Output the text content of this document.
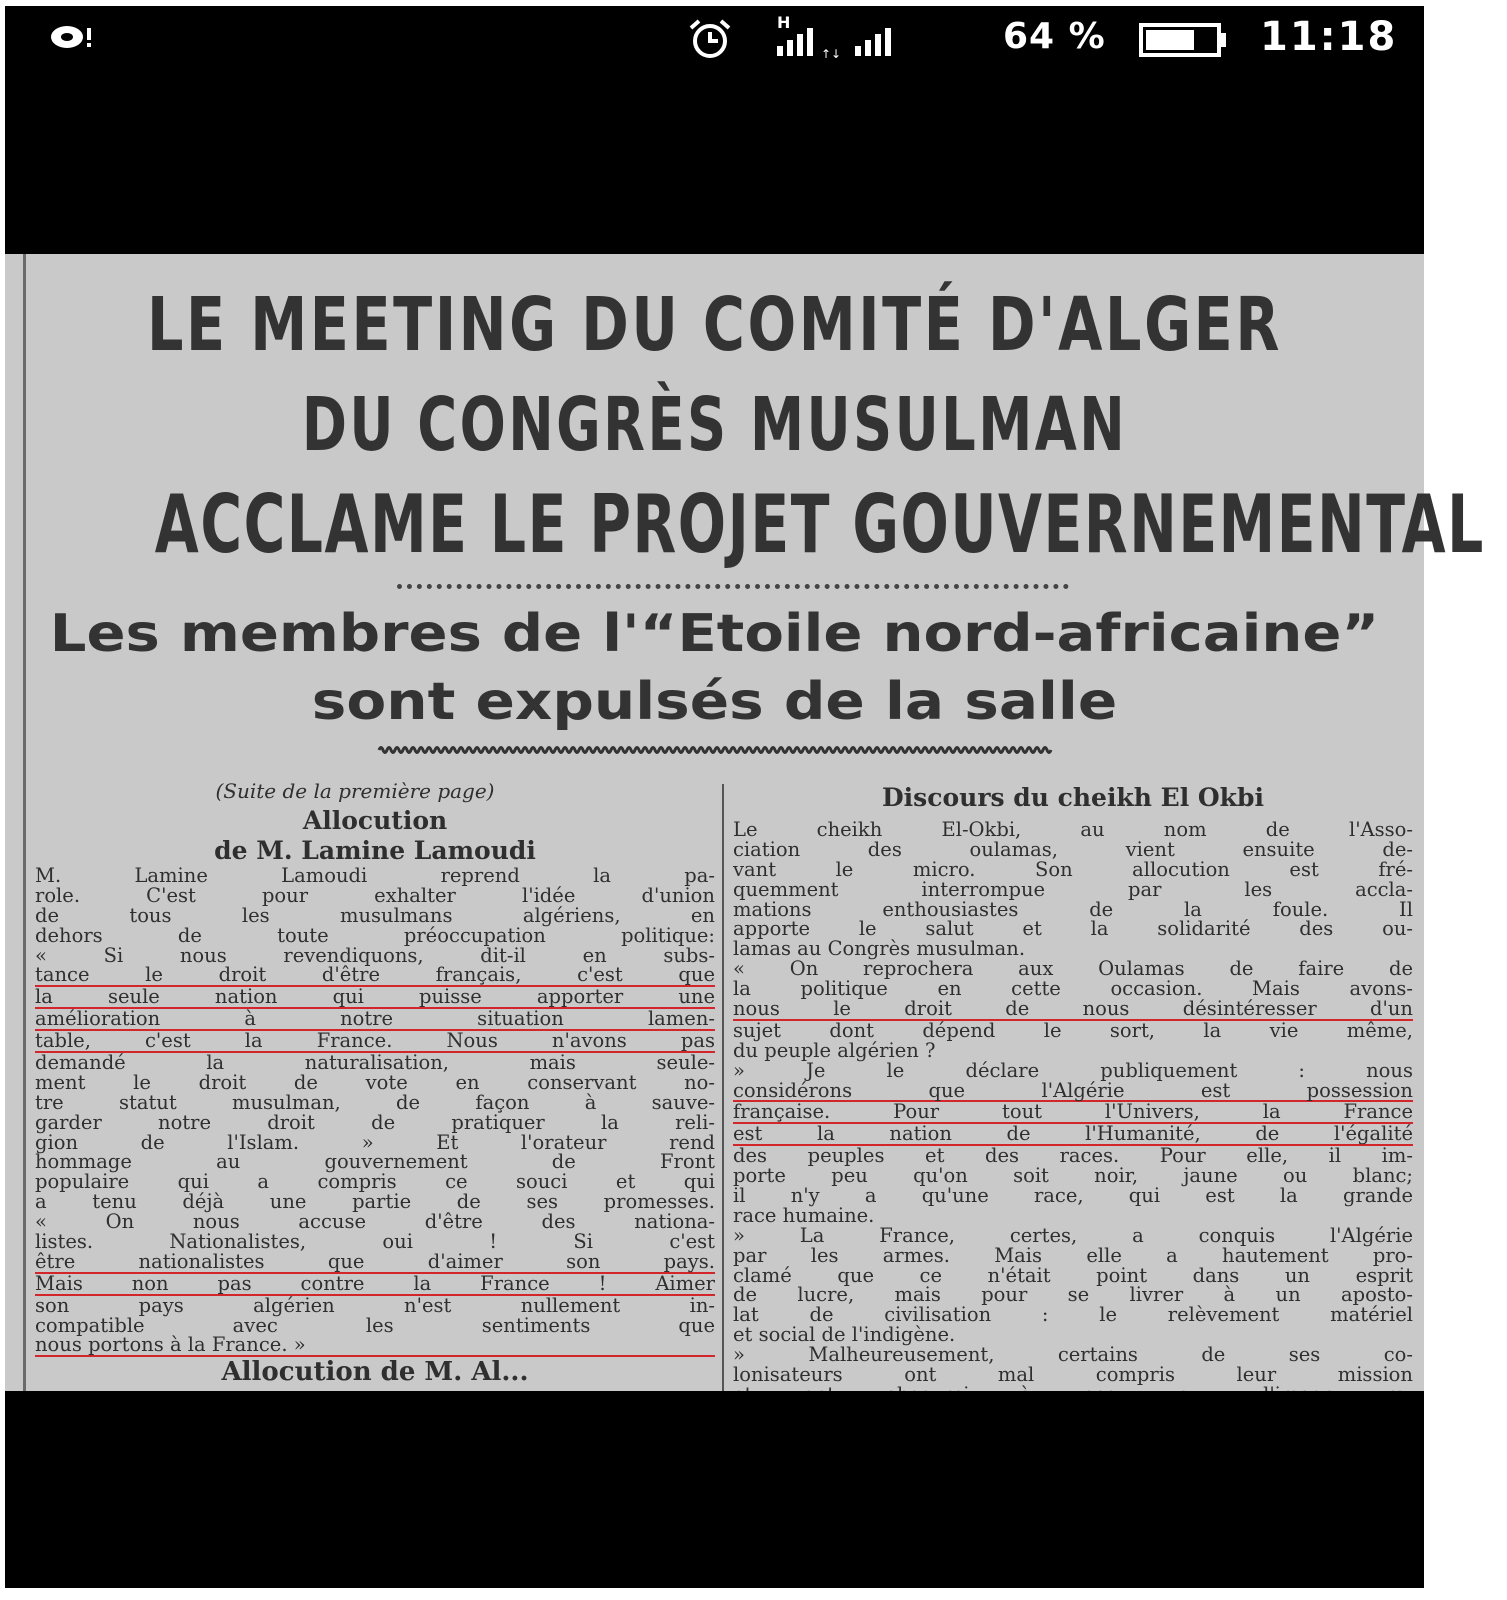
H
↑↓	64 %	11:18
LE MEETING DU COMITÉ D'ALGER
DU CONGRÈS MUSULMAN
ACCLAME LE PROJET GOUVERNEMENTAL
Les membres de l'“Etoile nord-africaine”
sont expulsés de la salle
(Suite de la première page)
Allocution
de M. Lamine Lamoudi
M. Lamine Lamoudi reprend la pa-
role. C'est pour exhalter l'idée d'union
de tous les musulmans algériens, en
dehors de toute préoccupation politique:
« Si nous revendiquons, dit-il en subs-
tance le droit d'être français, c'est que
la seule nation qui puisse apporter une
amélioration à notre situation lamen-
table, c'est la France. Nous n'avons pas
demandé la naturalisation, mais seule-
ment le droit de vote en conservant no-
tre statut musulman, de façon à sauve-
garder notre droit de pratiquer la reli-
gion de l'Islam. » Et l'orateur rend
hommage au gouvernement de Front
populaire qui a compris ce souci et qui
a tenu déjà une partie de ses promesses.
« On nous accuse d'être des nationa-
listes. Nationalistes, oui ! Si c'est
être nationalistes que d'aimer son pays.
Mais non pas contre la France ! Aimer
son pays algérien n'est nullement in-
compatible avec les sentiments que
nous portons à la France. »
Allocution de M. Al...
Discours du cheikh El Okbi
Le cheikh El-Okbi, au nom de l'Asso-
ciation des oulamas, vient ensuite de-
vant le micro. Son allocution est fré-
quemment interrompue par les accla-
mations enthousiastes de la foule. Il
apporte le salut et la solidarité des ou-
lamas au Congrès musulman.
« On reprochera aux Oulamas de faire de
la politique en cette occasion. Mais avons-
nous le droit de nous désintéresser d'un
sujet dont dépend le sort, la vie même,
du peuple algérien ?
» Je le déclare publiquement : nous
considérons que l'Algérie est possession
française. Pour tout l'Univers, la France
est la nation de l'Humanité, de l'égalité
des peuples et des races. Pour elle, il im-
porte peu qu'on soit noir, jaune ou blanc;
il n'y a qu'une race, qui est la grande
race humaine.
» La France, certes, a conquis l'Algérie
par les armes. Mais elle a hautement pro-
clamé que ce n'était point dans un esprit
de lucre, mais pour se livrer à un aposto-
lat de civilisation : le relèvement matériel
et social de l'indigène.
» Malheureusement, certains de ses co-
lonisateurs ont mal compris leur mission
